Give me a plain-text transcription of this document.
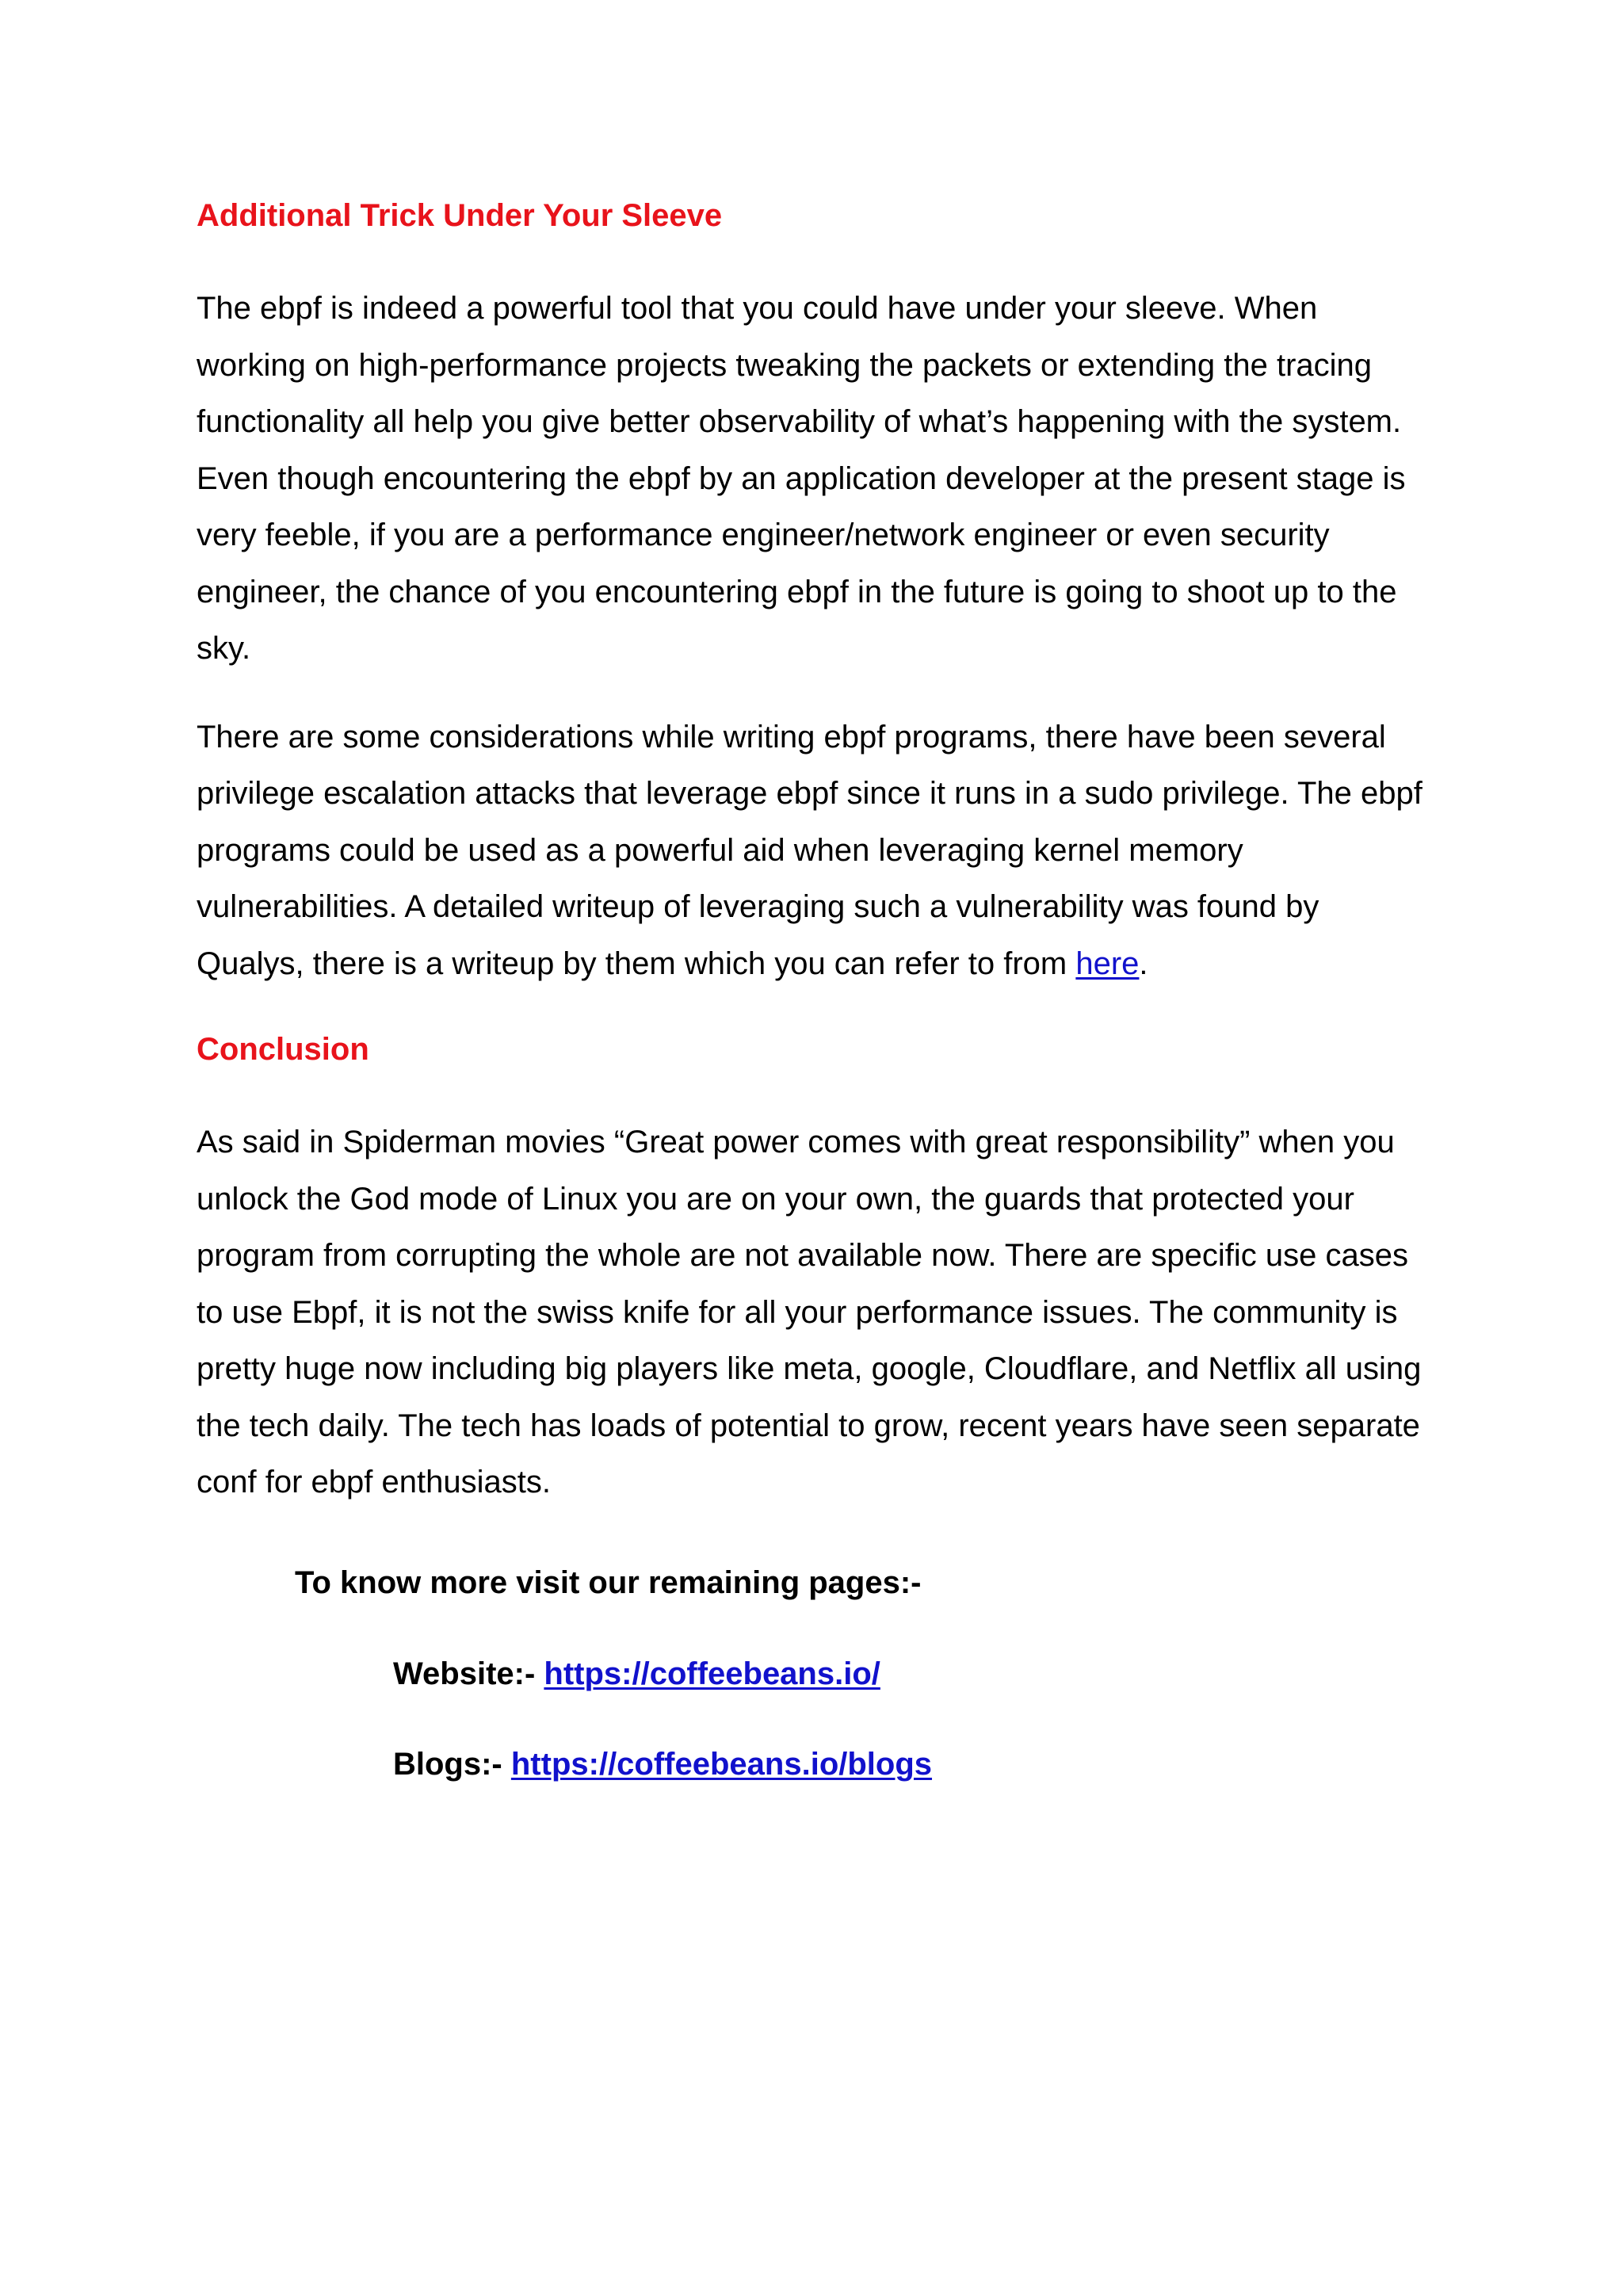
Additional Trick Under Your Sleeve

The ebpf is indeed a powerful tool that you could have under your sleeve. When working on high-performance projects tweaking the packets or extending the tracing functionality all help you give better observability of what’s happening with the system. Even though encountering the ebpf by an application developer at the present stage is very feeble, if you are a performance engineer/network engineer or even security engineer, the chance of you encountering ebpf in the future is going to shoot up to the sky.

There are some considerations while writing ebpf programs, there have been several privilege escalation attacks that leverage ebpf since it runs in a sudo privilege. The ebpf programs could be used as a powerful aid when leveraging kernel memory vulnerabilities. A detailed writeup of leveraging such a vulnerability was found by Qualys, there is a writeup by them which you can refer to from here.

Conclusion

As said in Spiderman movies “Great power comes with great responsibility” when you unlock the God mode of Linux you are on your own, the guards that protected your program from corrupting the whole are not available now. There are specific use cases to use Ebpf, it is not the swiss knife for all your performance issues. The community is pretty huge now including big players like meta, google, Cloudflare, and Netflix all using the tech daily. The tech has loads of potential to grow, recent years have seen separate conf for ebpf enthusiasts.

To know more visit our remaining pages:-

Website:- https://coffeebeans.io/

Blogs:- https://coffeebeans.io/blogs
